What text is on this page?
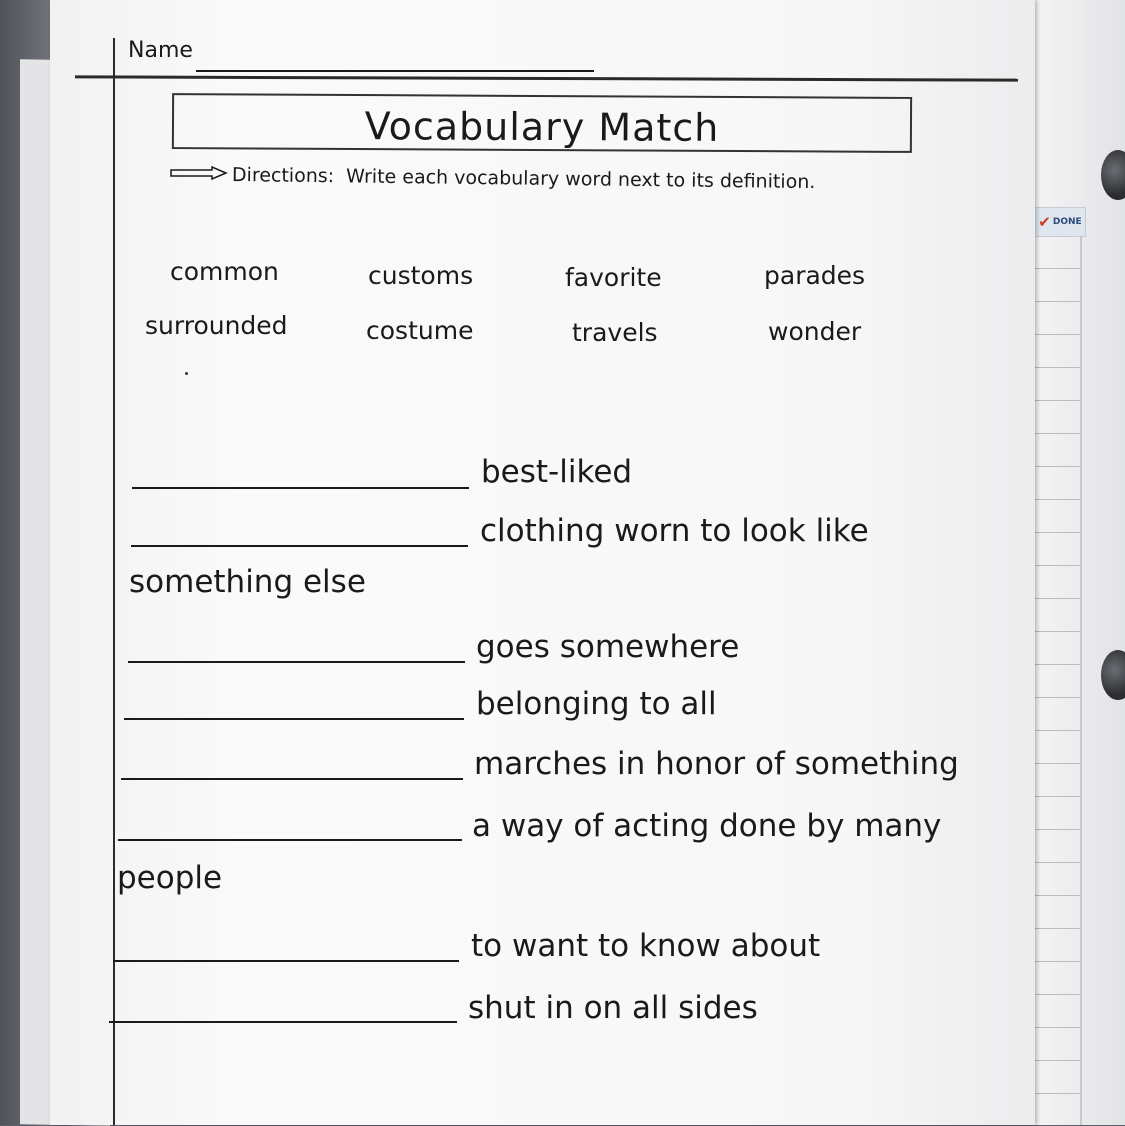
✔ DONE
Name
Vocabulary Match
Directions: Write each vocabulary word next to its definition.
common	customs	favorite	parades
surrounded	costume	travels	wonder
best-liked
clothing worn to look like
something else
goes somewhere
belonging to all
marches in honor of something
a way of acting done by many
people
to want to know about
shut in on all sides
